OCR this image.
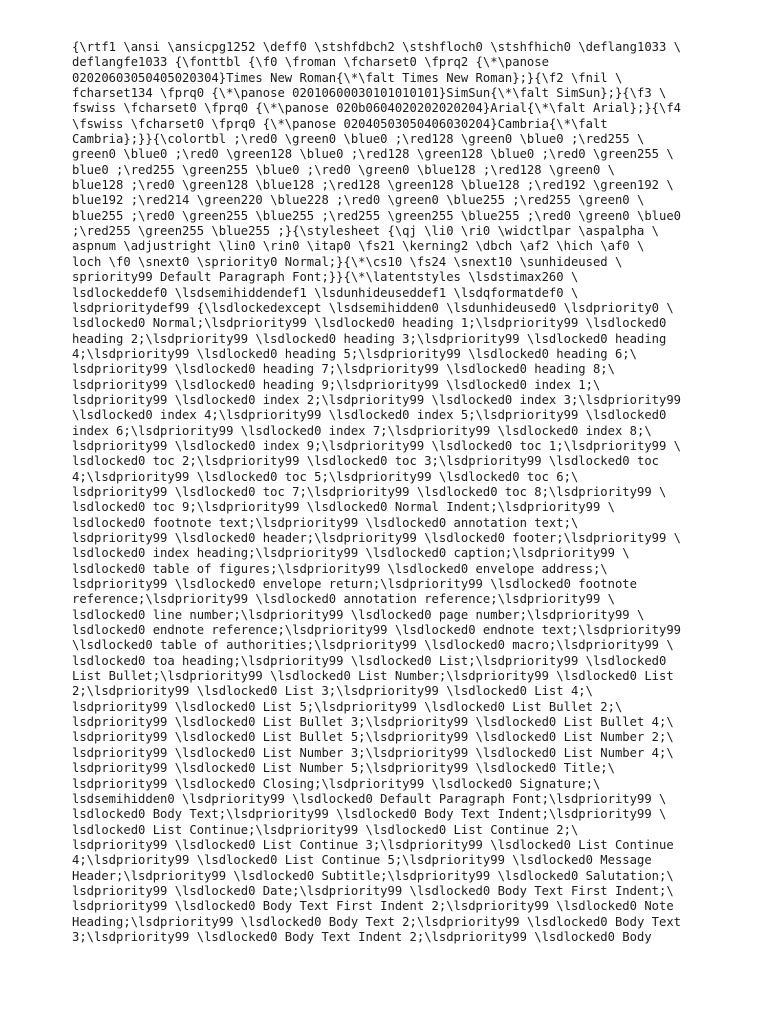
{\rtf1 \ansi \ansicpg1252 \deff0 \stshfdbch2 \stshfloch0 \stshfhich0 \deflang1033 \
deflangfe1033 {\fonttbl {\f0 \froman \fcharset0 \fprq2 {\*\panose
02020603050405020304}Times New Roman{\*\falt Times New Roman};}{\f2 \fnil \
fcharset134 \fprq0 {\*\panose 02010600030101010101}SimSun{\*\falt SimSun};}{\f3 \
fswiss \fcharset0 \fprq0 {\*\panose 020b0604020202020204}Arial{\*\falt Arial};}{\f4
\fswiss \fcharset0 \fprq0 {\*\panose 02040503050406030204}Cambria{\*\falt
Cambria};}}{\colortbl ;\red0 \green0 \blue0 ;\red128 \green0 \blue0 ;\red255 \
green0 \blue0 ;\red0 \green128 \blue0 ;\red128 \green128 \blue0 ;\red0 \green255 \
blue0 ;\red255 \green255 \blue0 ;\red0 \green0 \blue128 ;\red128 \green0 \
blue128 ;\red0 \green128 \blue128 ;\red128 \green128 \blue128 ;\red192 \green192 \
blue192 ;\red214 \green220 \blue228 ;\red0 \green0 \blue255 ;\red255 \green0 \
blue255 ;\red0 \green255 \blue255 ;\red255 \green255 \blue255 ;\red0 \green0 \blue0
;\red255 \green255 \blue255 ;}{\stylesheet {\qj \li0 \ri0 \widctlpar \aspalpha \
aspnum \adjustright \lin0 \rin0 \itap0 \fs21 \kerning2 \dbch \af2 \hich \af0 \
loch \f0 \snext0 \spriority0 Normal;}{\*\cs10 \fs24 \snext10 \sunhideused \
spriority99 Default Paragraph Font;}}{\*\latentstyles \lsdstimax260 \
lsdlockeddef0 \lsdsemihiddendef1 \lsdunhideuseddef1 \lsdqformatdef0 \
lsdprioritydef99 {\lsdlockedexcept \lsdsemihidden0 \lsdunhideused0 \lsdpriority0 \
lsdlocked0 Normal;\lsdpriority99 \lsdlocked0 heading 1;\lsdpriority99 \lsdlocked0
heading 2;\lsdpriority99 \lsdlocked0 heading 3;\lsdpriority99 \lsdlocked0 heading
4;\lsdpriority99 \lsdlocked0 heading 5;\lsdpriority99 \lsdlocked0 heading 6;\
lsdpriority99 \lsdlocked0 heading 7;\lsdpriority99 \lsdlocked0 heading 8;\
lsdpriority99 \lsdlocked0 heading 9;\lsdpriority99 \lsdlocked0 index 1;\
lsdpriority99 \lsdlocked0 index 2;\lsdpriority99 \lsdlocked0 index 3;\lsdpriority99
\lsdlocked0 index 4;\lsdpriority99 \lsdlocked0 index 5;\lsdpriority99 \lsdlocked0
index 6;\lsdpriority99 \lsdlocked0 index 7;\lsdpriority99 \lsdlocked0 index 8;\
lsdpriority99 \lsdlocked0 index 9;\lsdpriority99 \lsdlocked0 toc 1;\lsdpriority99 \
lsdlocked0 toc 2;\lsdpriority99 \lsdlocked0 toc 3;\lsdpriority99 \lsdlocked0 toc
4;\lsdpriority99 \lsdlocked0 toc 5;\lsdpriority99 \lsdlocked0 toc 6;\
lsdpriority99 \lsdlocked0 toc 7;\lsdpriority99 \lsdlocked0 toc 8;\lsdpriority99 \
lsdlocked0 toc 9;\lsdpriority99 \lsdlocked0 Normal Indent;\lsdpriority99 \
lsdlocked0 footnote text;\lsdpriority99 \lsdlocked0 annotation text;\
lsdpriority99 \lsdlocked0 header;\lsdpriority99 \lsdlocked0 footer;\lsdpriority99 \
lsdlocked0 index heading;\lsdpriority99 \lsdlocked0 caption;\lsdpriority99 \
lsdlocked0 table of figures;\lsdpriority99 \lsdlocked0 envelope address;\
lsdpriority99 \lsdlocked0 envelope return;\lsdpriority99 \lsdlocked0 footnote
reference;\lsdpriority99 \lsdlocked0 annotation reference;\lsdpriority99 \
lsdlocked0 line number;\lsdpriority99 \lsdlocked0 page number;\lsdpriority99 \
lsdlocked0 endnote reference;\lsdpriority99 \lsdlocked0 endnote text;\lsdpriority99
\lsdlocked0 table of authorities;\lsdpriority99 \lsdlocked0 macro;\lsdpriority99 \
lsdlocked0 toa heading;\lsdpriority99 \lsdlocked0 List;\lsdpriority99 \lsdlocked0
List Bullet;\lsdpriority99 \lsdlocked0 List Number;\lsdpriority99 \lsdlocked0 List
2;\lsdpriority99 \lsdlocked0 List 3;\lsdpriority99 \lsdlocked0 List 4;\
lsdpriority99 \lsdlocked0 List 5;\lsdpriority99 \lsdlocked0 List Bullet 2;\
lsdpriority99 \lsdlocked0 List Bullet 3;\lsdpriority99 \lsdlocked0 List Bullet 4;\
lsdpriority99 \lsdlocked0 List Bullet 5;\lsdpriority99 \lsdlocked0 List Number 2;\
lsdpriority99 \lsdlocked0 List Number 3;\lsdpriority99 \lsdlocked0 List Number 4;\
lsdpriority99 \lsdlocked0 List Number 5;\lsdpriority99 \lsdlocked0 Title;\
lsdpriority99 \lsdlocked0 Closing;\lsdpriority99 \lsdlocked0 Signature;\
lsdsemihidden0 \lsdpriority99 \lsdlocked0 Default Paragraph Font;\lsdpriority99 \
lsdlocked0 Body Text;\lsdpriority99 \lsdlocked0 Body Text Indent;\lsdpriority99 \
lsdlocked0 List Continue;\lsdpriority99 \lsdlocked0 List Continue 2;\
lsdpriority99 \lsdlocked0 List Continue 3;\lsdpriority99 \lsdlocked0 List Continue
4;\lsdpriority99 \lsdlocked0 List Continue 5;\lsdpriority99 \lsdlocked0 Message
Header;\lsdpriority99 \lsdlocked0 Subtitle;\lsdpriority99 \lsdlocked0 Salutation;\
lsdpriority99 \lsdlocked0 Date;\lsdpriority99 \lsdlocked0 Body Text First Indent;\
lsdpriority99 \lsdlocked0 Body Text First Indent 2;\lsdpriority99 \lsdlocked0 Note
Heading;\lsdpriority99 \lsdlocked0 Body Text 2;\lsdpriority99 \lsdlocked0 Body Text
3;\lsdpriority99 \lsdlocked0 Body Text Indent 2;\lsdpriority99 \lsdlocked0 Body
